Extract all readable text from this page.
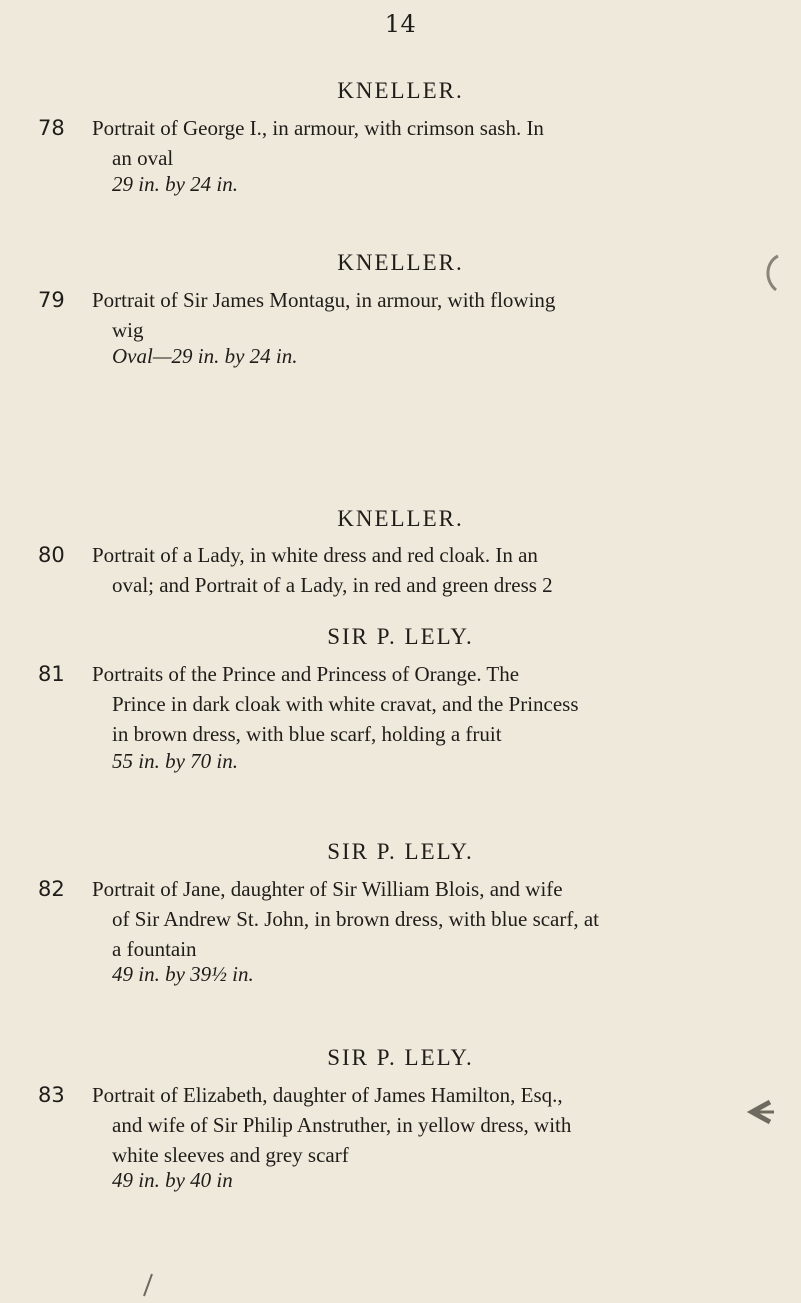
14
KNELLER.
78 Portrait of George I., in armour, with crimson sash. In
an oval
29 in. by 24 in.
KNELLER.
79 Portrait of Sir James Montagu, in armour, with flowing
wig
Oval—29 in. by 24 in.
KNELLER.
80 Portrait of a Lady, in white dress and red cloak. In an
oval; and Portrait of a Lady, in red and green dress 2
SIR P. LELY.
81 Portraits of the Prince and Princess of Orange. The
Prince in dark cloak with white cravat, and the Princess
in brown dress, with blue scarf, holding a fruit
55 in. by 70 in.
SIR P. LELY.
82 Portrait of Jane, daughter of Sir William Blois, and wife
of Sir Andrew St. John, in brown dress, with blue scarf, at
a fountain
49 in. by 39½ in.
SIR P. LELY.
83 Portrait of Elizabeth, daughter of James Hamilton, Esq.,
and wife of Sir Philip Anstruther, in yellow dress, with
white sleeves and grey scarf
49 in. by 40 in
